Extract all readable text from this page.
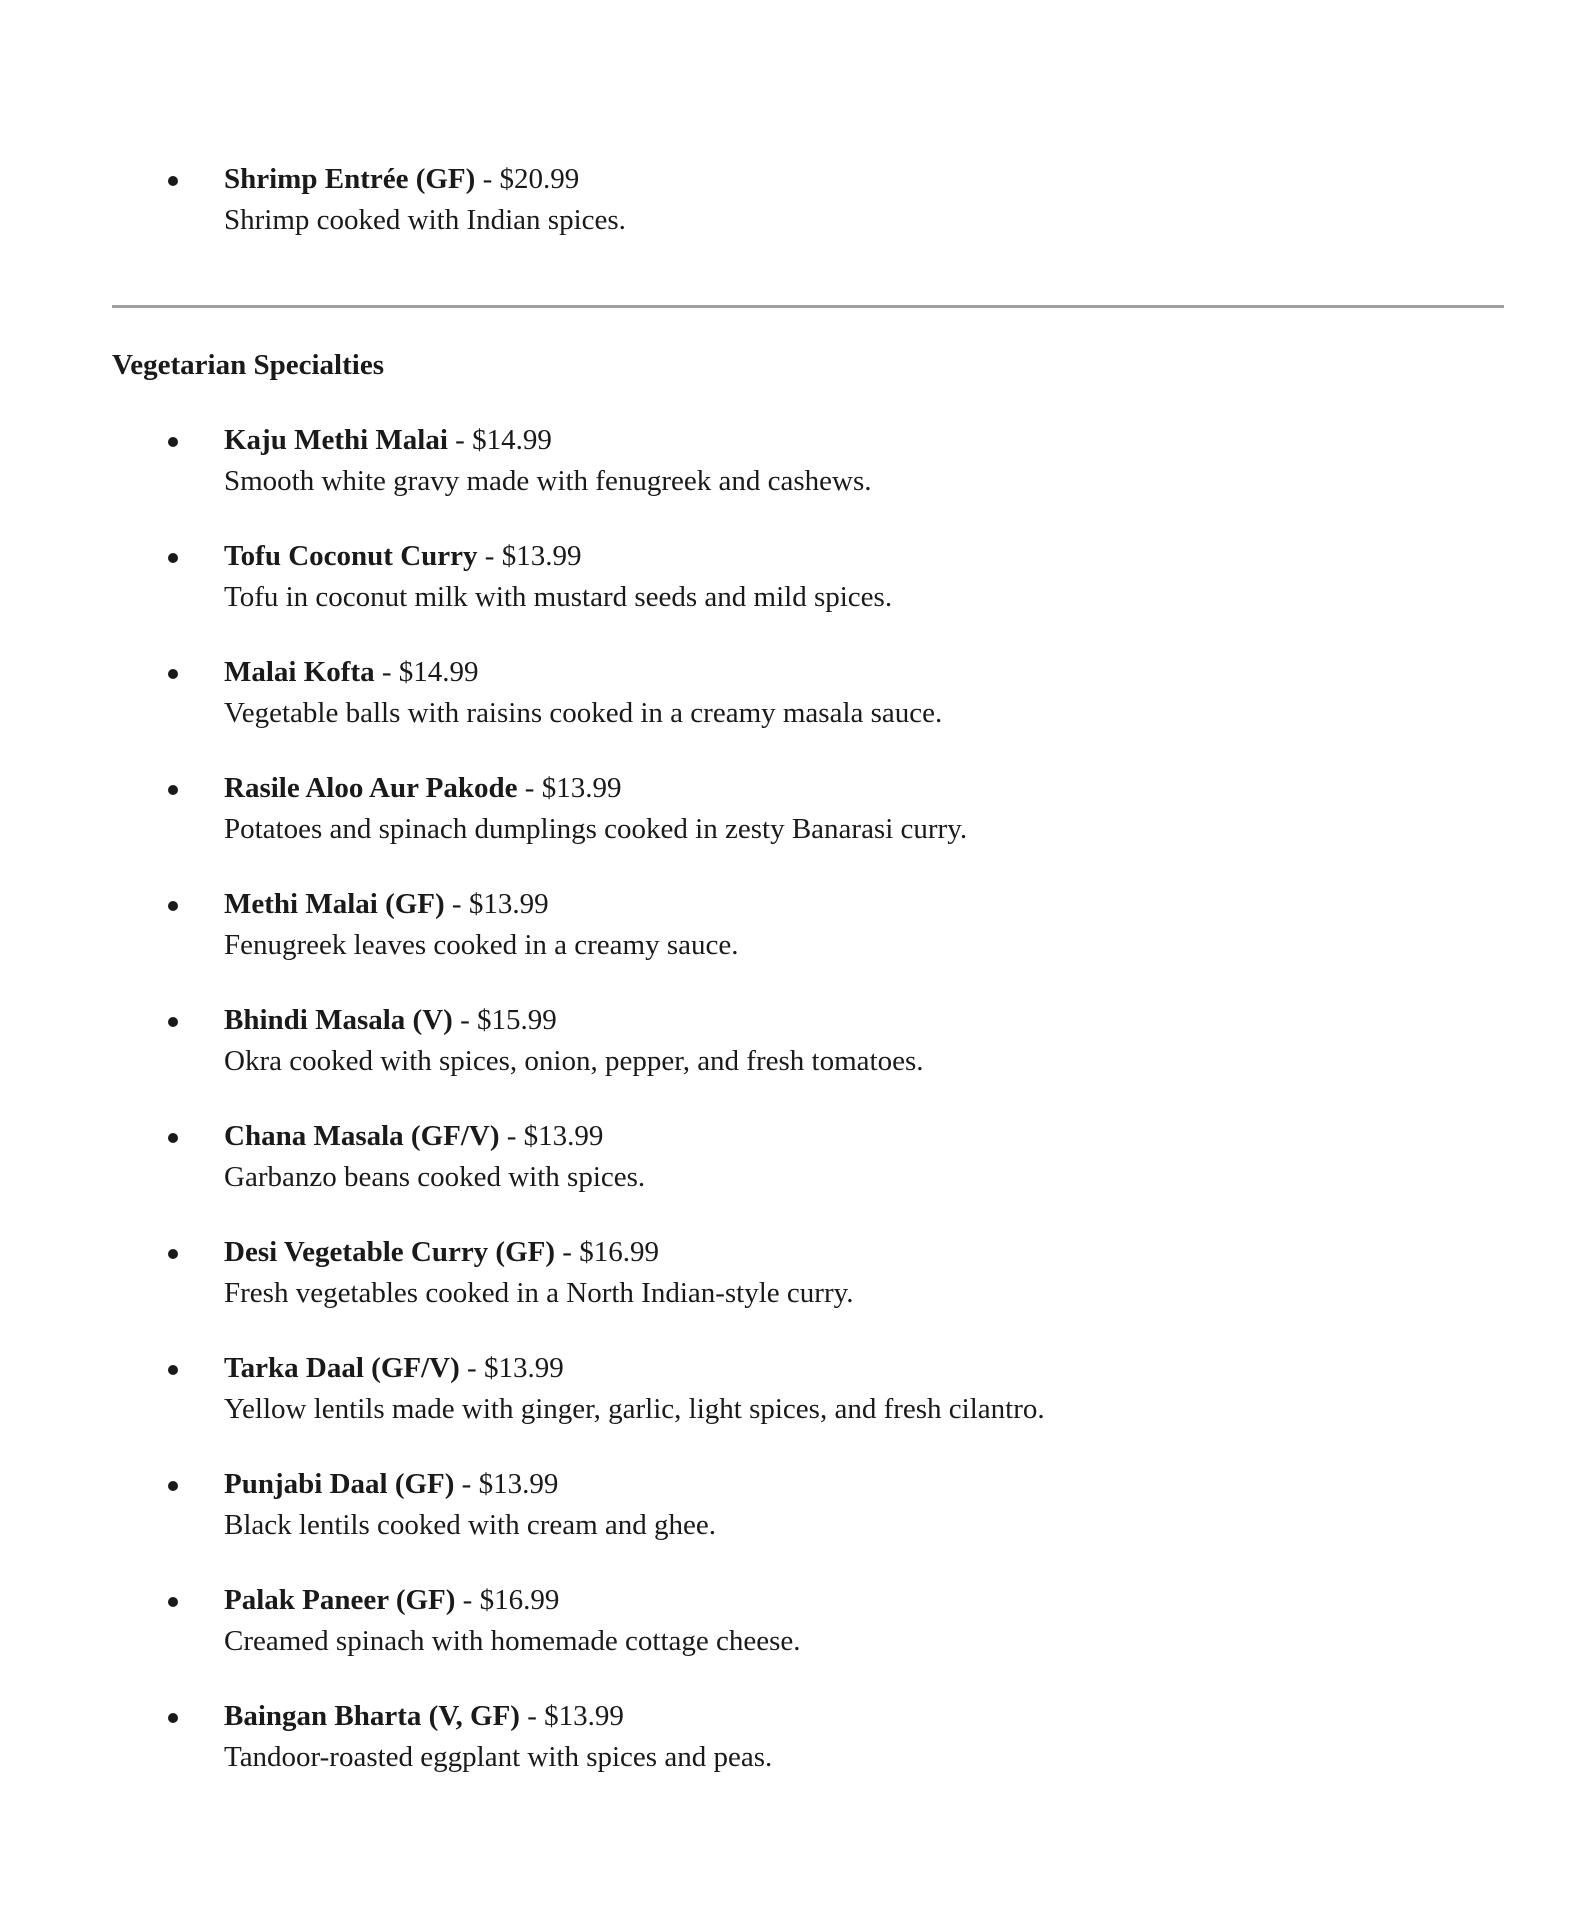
Shrimp Entrée (GF) - $20.99
Shrimp cooked with Indian spices.
Vegetarian Specialties
Kaju Methi Malai - $14.99
Smooth white gravy made with fenugreek and cashews.
Tofu Coconut Curry - $13.99
Tofu in coconut milk with mustard seeds and mild spices.
Malai Kofta - $14.99
Vegetable balls with raisins cooked in a creamy masala sauce.
Rasile Aloo Aur Pakode - $13.99
Potatoes and spinach dumplings cooked in zesty Banarasi curry.
Methi Malai (GF) - $13.99
Fenugreek leaves cooked in a creamy sauce.
Bhindi Masala (V) - $15.99
Okra cooked with spices, onion, pepper, and fresh tomatoes.
Chana Masala (GF/V) - $13.99
Garbanzo beans cooked with spices.
Desi Vegetable Curry (GF) - $16.99
Fresh vegetables cooked in a North Indian-style curry.
Tarka Daal (GF/V) - $13.99
Yellow lentils made with ginger, garlic, light spices, and fresh cilantro.
Punjabi Daal (GF) - $13.99
Black lentils cooked with cream and ghee.
Palak Paneer (GF) - $16.99
Creamed spinach with homemade cottage cheese.
Baingan Bharta (V, GF) - $13.99
Tandoor-roasted eggplant with spices and peas.
